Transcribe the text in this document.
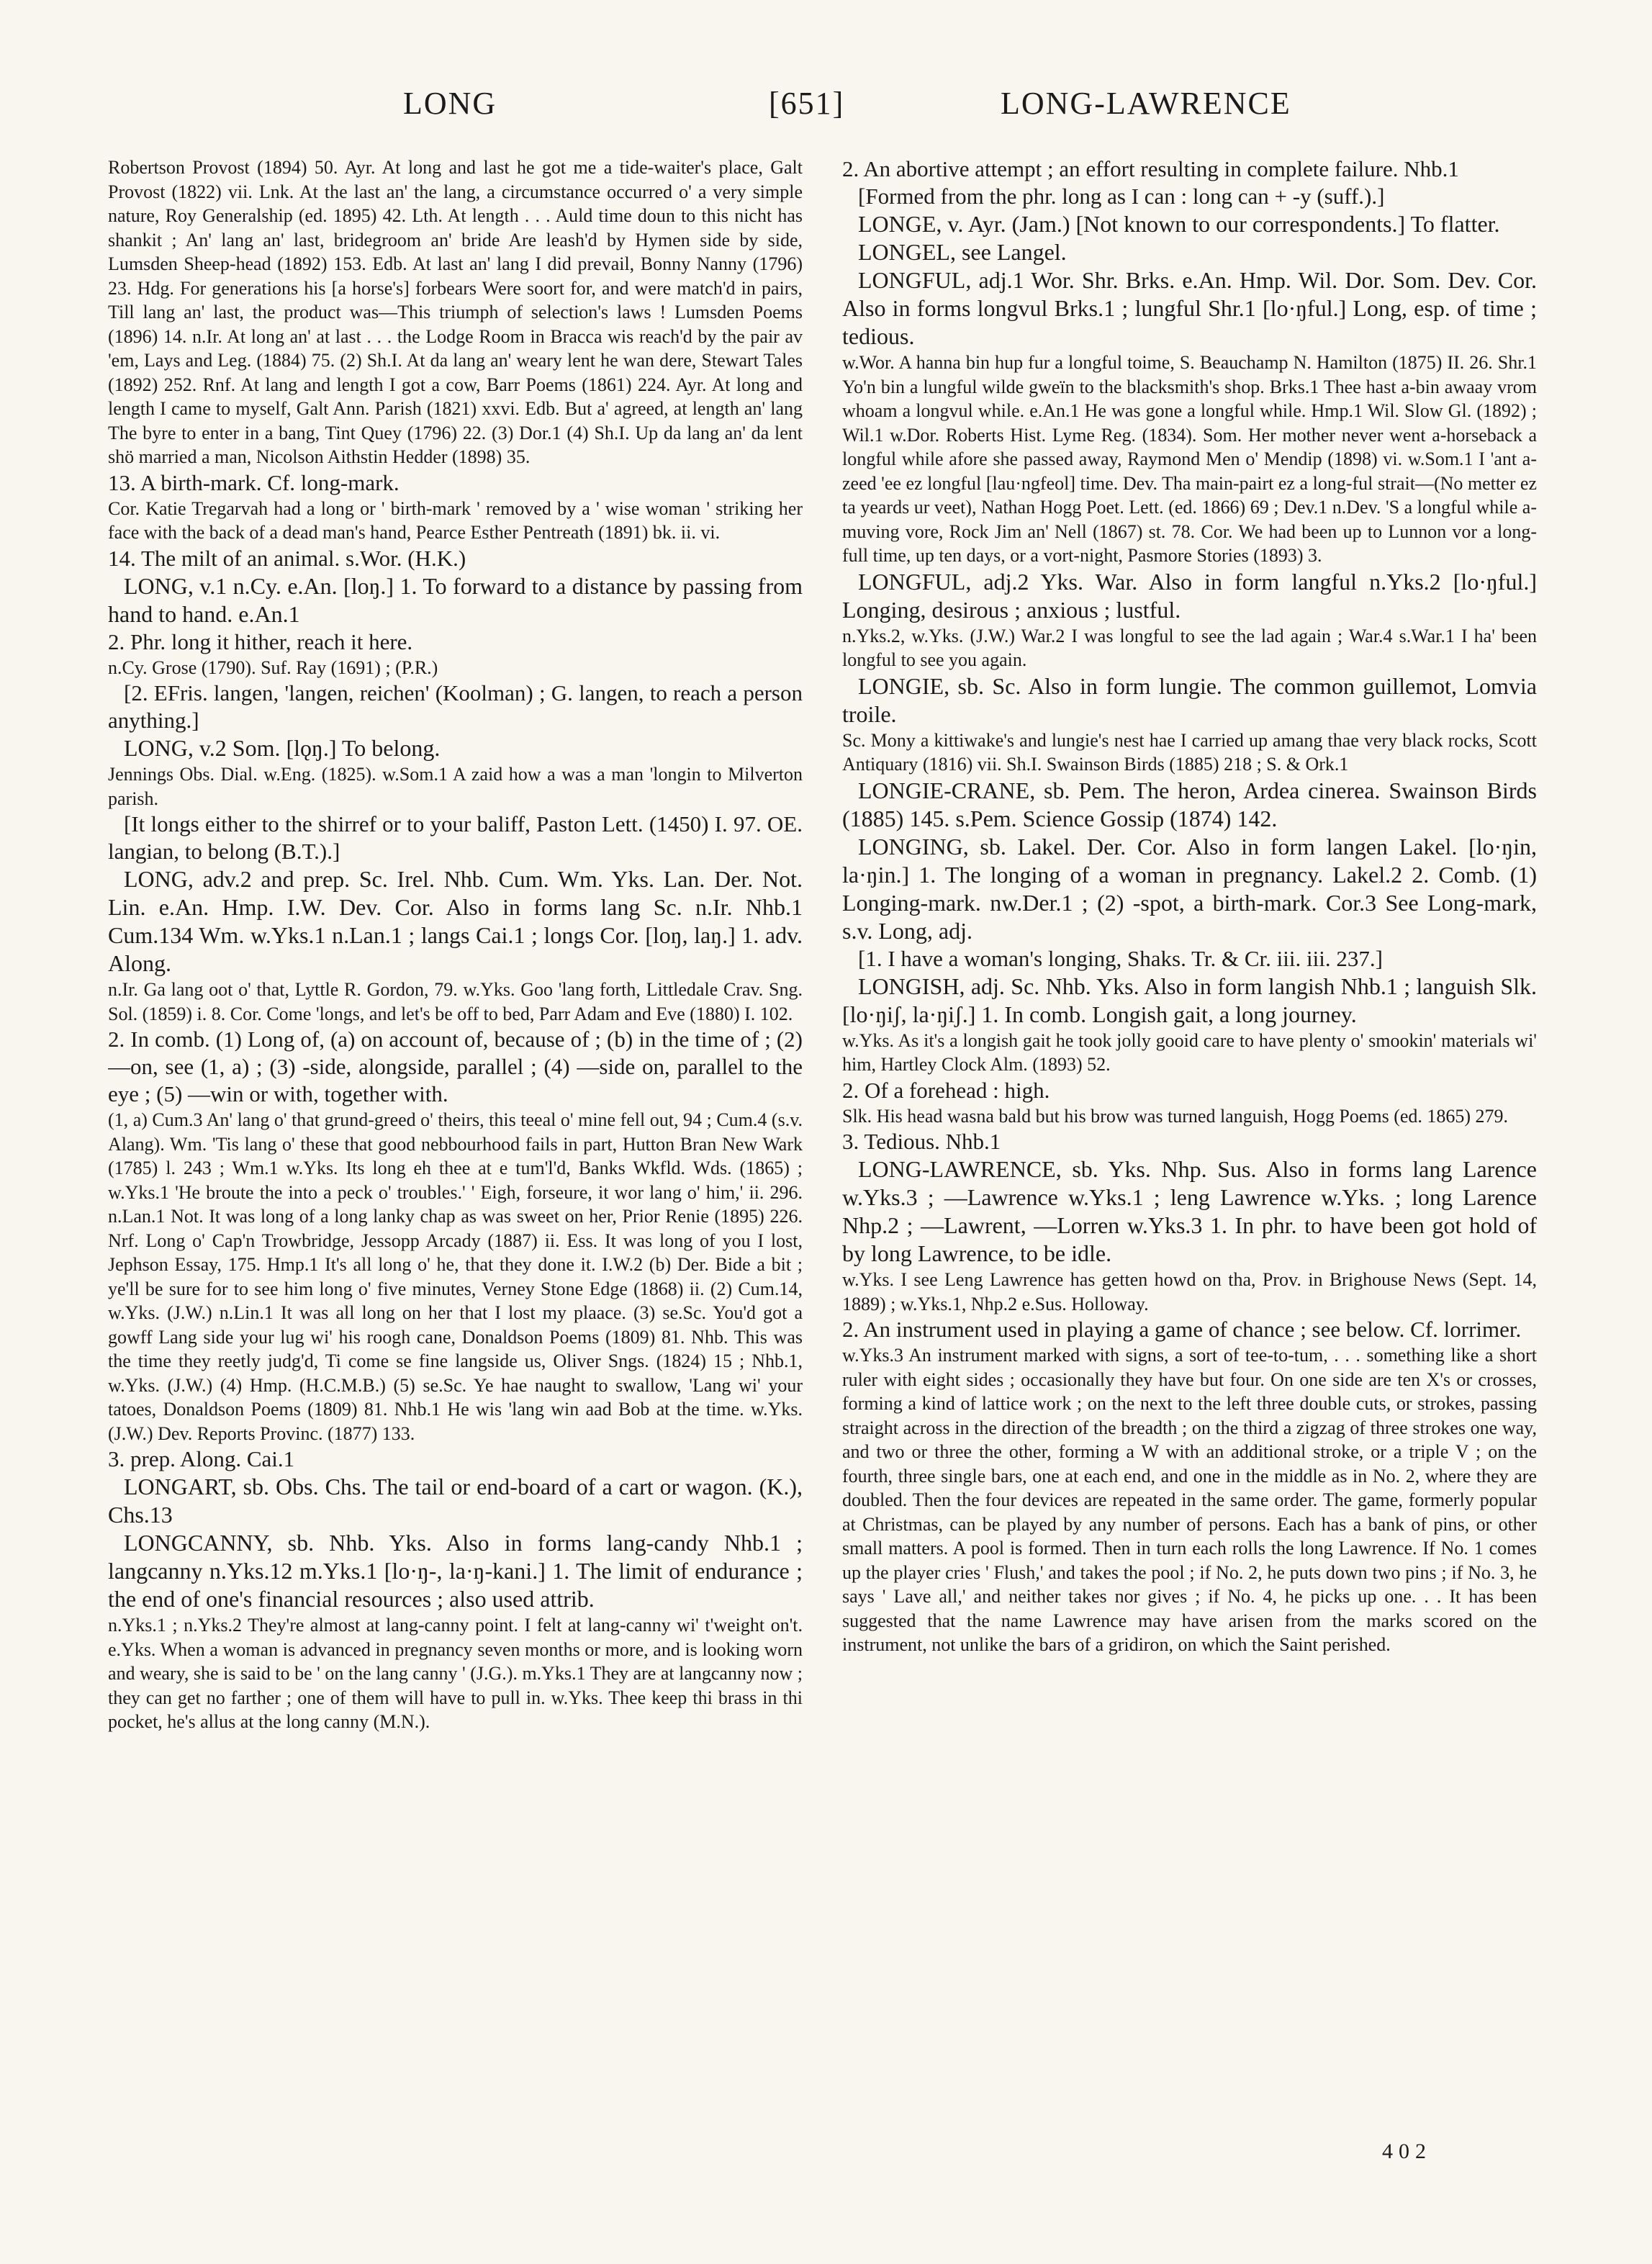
LONG	[651]	LONG-LAWRENCE

Robertson Provost (1894) 50. Ayr. At long and last he got me a tide-waiter's place, Galt Provost (1822) vii. Lnk. At the last an' the lang, a circumstance occurred o' a very simple nature, Roy Generalship (ed. 1895) 42. Lth. At length . . . Auld time doun to this nicht has shankit ; An' lang an' last, bridegroom an' bride Are leash'd by Hymen side by side, Lumsden Sheep-head (1892) 153. Edb. At last an' lang I did prevail, Bonny Nanny (1796) 23. Hdg. For generations his [a horse's] forbears Were soort for, and were match'd in pairs, Till lang an' last, the product was—This triumph of selection's laws ! Lumsden Poems (1896) 14. n.Ir. At long an' at last . . . the Lodge Room in Bracca wis reach'd by the pair av 'em, Lays and Leg. (1884) 75. (2) Sh.I. At da lang an' weary lent he wan dere, Stewart Tales (1892) 252. Rnf. At lang and length I got a cow, Barr Poems (1861) 224. Ayr. At long and length I came to myself, Galt Ann. Parish (1821) xxvi. Edb. But a' agreed, at length an' lang The byre to enter in a bang, Tint Quey (1796) 22. (3) Dor.1 (4) Sh.I. Up da lang an' da lent shö married a man, Nicolson Aithstin Hedder (1898) 35.

13. A birth-mark. Cf. long-mark.

Cor. Katie Tregarvah had a long or ' birth-mark ' removed by a ' wise woman ' striking her face with the back of a dead man's hand, Pearce Esther Pentreath (1891) bk. ii. vi.

14. The milt of an animal. s.Wor. (H.K.)

LONG, v.1 n.Cy. e.An. [loŋ.] 1. To forward to a distance by passing from hand to hand. e.An.1

2. Phr. long it hither, reach it here.

n.Cy. Grose (1790). Suf. Ray (1691) ; (P.R.)

[2. EFris. langen, 'langen, reichen' (Koolman) ; G. langen, to reach a person anything.]

LONG, v.2 Som. [lǫŋ.] To belong.

Jennings Obs. Dial. w.Eng. (1825). w.Som.1 A zaid how a was a man 'longin to Milverton parish.

[It longs either to the shirref or to your baliff, Paston Lett. (1450) I. 97. OE. langian, to belong (B.T.).]

LONG, adv.2 and prep. Sc. Irel. Nhb. Cum. Wm. Yks. Lan. Der. Not. Lin. e.An. Hmp. I.W. Dev. Cor. Also in forms lang Sc. n.Ir. Nhb.1 Cum.134 Wm. w.Yks.1 n.Lan.1 ; langs Cai.1 ; longs Cor. [loŋ, laŋ.] 1. adv. Along.

n.Ir. Ga lang oot o' that, Lyttle R. Gordon, 79. w.Yks. Goo 'lang forth, Littledale Crav. Sng. Sol. (1859) i. 8. Cor. Come 'longs, and let's be off to bed, Parr Adam and Eve (1880) I. 102.

2. In comb. (1) Long of, (a) on account of, because of ; (b) in the time of ; (2) —on, see (1, a) ; (3) -side, alongside, parallel ; (4) —side on, parallel to the eye ; (5) —win or with, together with.

(1, a) Cum.3 An' lang o' that grund-greed o' theirs, this teeal o' mine fell out, 94 ; Cum.4 (s.v. Alang). Wm. 'Tis lang o' these that good nebbourhood fails in part, Hutton Bran New Wark (1785) l. 243 ; Wm.1 w.Yks. Its long eh thee at e tum'l'd, Banks Wkfld. Wds. (1865) ; w.Yks.1 'He broute the into a peck o' troubles.' ' Eigh, forseure, it wor lang o' him,' ii. 296. n.Lan.1 Not. It was long of a long lanky chap as was sweet on her, Prior Renie (1895) 226. Nrf. Long o' Cap'n Trowbridge, Jessopp Arcady (1887) ii. Ess. It was long of you I lost, Jephson Essay, 175. Hmp.1 It's all long o' he, that they done it. I.W.2 (b) Der. Bide a bit ; ye'll be sure for to see him long o' five minutes, Verney Stone Edge (1868) ii. (2) Cum.14, w.Yks. (J.W.) n.Lin.1 It was all long on her that I lost my plaace. (3) se.Sc. You'd got a gowff Lang side your lug wi' his roogh cane, Donaldson Poems (1809) 81. Nhb. This was the time they reetly judg'd, Ti come se fine langside us, Oliver Sngs. (1824) 15 ; Nhb.1, w.Yks. (J.W.) (4) Hmp. (H.C.M.B.) (5) se.Sc. Ye hae naught to swallow, 'Lang wi' your tatoes, Donaldson Poems (1809) 81. Nhb.1 He wis 'lang win aad Bob at the time. w.Yks. (J.W.) Dev. Reports Provinc. (1877) 133.

3. prep. Along. Cai.1

LONGART, sb. Obs. Chs. The tail or end-board of a cart or wagon. (K.), Chs.13

LONGCANNY, sb. Nhb. Yks. Also in forms lang-candy Nhb.1 ; langcanny n.Yks.12 m.Yks.1 [lo·ŋ-, la·ŋ-kani.] 1. The limit of endurance ; the end of one's financial resources ; also used attrib.

n.Yks.1 ; n.Yks.2 They're almost at lang-canny point. I felt at lang-canny wi' t'weight on't. e.Yks. When a woman is advanced in pregnancy seven months or more, and is looking worn and weary, she is said to be ' on the lang canny ' (J.G.). m.Yks.1 They are at langcanny now ; they can get no farther ; one of them will have to pull in. w.Yks. Thee keep thi brass in thi pocket, he's allus at the long canny (M.N.).

2. An abortive attempt ; an effort resulting in complete failure. Nhb.1

[Formed from the phr. long as I can : long can + -y (suff.).]

LONGE, v. Ayr. (Jam.) [Not known to our correspondents.] To flatter.

LONGEL, see Langel.

LONGFUL, adj.1 Wor. Shr. Brks. e.An. Hmp. Wil. Dor. Som. Dev. Cor. Also in forms longvul Brks.1 ; lungful Shr.1 [lo·ŋful.] Long, esp. of time ; tedious.

w.Wor. A hanna bin hup fur a longful toime, S. Beauchamp N. Hamilton (1875) II. 26. Shr.1 Yo'n bin a lungful wilde gweïn to the blacksmith's shop. Brks.1 Thee hast a-bin awaay vrom whoam a longvul while. e.An.1 He was gone a longful while. Hmp.1 Wil. Slow Gl. (1892) ; Wil.1 w.Dor. Roberts Hist. Lyme Reg. (1834). Som. Her mother never went a-horseback a longful while afore she passed away, Raymond Men o' Mendip (1898) vi. w.Som.1 I 'ant a-zeed 'ee ez longful [lau·ngfeol] time. Dev. Tha main-pairt ez a long-ful strait—(No metter ez ta yeards ur veet), Nathan Hogg Poet. Lett. (ed. 1866) 69 ; Dev.1 n.Dev. 'S a longful while a-muving vore, Rock Jim an' Nell (1867) st. 78. Cor. We had been up to Lunnon vor a long-full time, up ten days, or a vort-night, Pasmore Stories (1893) 3.

LONGFUL, adj.2 Yks. War. Also in form langful n.Yks.2 [lo·ŋful.] Longing, desirous ; anxious ; lustful.

n.Yks.2, w.Yks. (J.W.) War.2 I was longful to see the lad again ; War.4 s.War.1 I ha' been longful to see you again.

LONGIE, sb. Sc. Also in form lungie. The common guillemot, Lomvia troile.

Sc. Mony a kittiwake's and lungie's nest hae I carried up amang thae very black rocks, Scott Antiquary (1816) vii. Sh.I. Swainson Birds (1885) 218 ; S. & Ork.1

LONGIE-CRANE, sb. Pem. The heron, Ardea cinerea. Swainson Birds (1885) 145. s.Pem. Science Gossip (1874) 142.

LONGING, sb. Lakel. Der. Cor. Also in form langen Lakel. [lo·ŋin, la·ŋin.] 1. The longing of a woman in pregnancy. Lakel.2 2. Comb. (1) Longing-mark. nw.Der.1 ; (2) -spot, a birth-mark. Cor.3 See Long-mark, s.v. Long, adj.

[1. I have a woman's longing, Shaks. Tr. & Cr. iii. iii. 237.]

LONGISH, adj. Sc. Nhb. Yks. Also in form langish Nhb.1 ; languish Slk. [lo·ŋiʃ, la·ŋiʃ.] 1. In comb. Longish gait, a long journey.

w.Yks. As it's a longish gait he took jolly gooid care to have plenty o' smookin' materials wi' him, Hartley Clock Alm. (1893) 52.

2. Of a forehead : high.

Slk. His head wasna bald but his brow was turned languish, Hogg Poems (ed. 1865) 279.

3. Tedious. Nhb.1

LONG-LAWRENCE, sb. Yks. Nhp. Sus. Also in forms lang Larence w.Yks.3 ; —Lawrence w.Yks.1 ; leng Lawrence w.Yks. ; long Larence Nhp.2 ; —Lawrent, —Lorren w.Yks.3 1. In phr. to have been got hold of by long Lawrence, to be idle.

w.Yks. I see Leng Lawrence has getten howd on tha, Prov. in Brighouse News (Sept. 14, 1889) ; w.Yks.1, Nhp.2 e.Sus. Holloway.

2. An instrument used in playing a game of chance ; see below. Cf. lorrimer.

w.Yks.3 An instrument marked with signs, a sort of tee-to-tum, . . . something like a short ruler with eight sides ; occasionally they have but four. On one side are ten X's or crosses, forming a kind of lattice work ; on the next to the left three double cuts, or strokes, passing straight across in the direction of the breadth ; on the third a zigzag of three strokes one way, and two or three the other, forming a W with an additional stroke, or a triple V ; on the fourth, three single bars, one at each end, and one in the middle as in No. 2, where they are doubled. Then the four devices are repeated in the same order. The game, formerly popular at Christmas, can be played by any number of persons. Each has a bank of pins, or other small matters. A pool is formed. Then in turn each rolls the long Lawrence. If No. 1 comes up the player cries ' Flush,' and takes the pool ; if No. 2, he puts down two pins ; if No. 3, he says ' Lave all,' and neither takes nor gives ; if No. 4, he picks up one. . . It has been suggested that the name Lawrence may have arisen from the marks scored on the instrument, not unlike the bars of a gridiron, on which the Saint perished.

402
